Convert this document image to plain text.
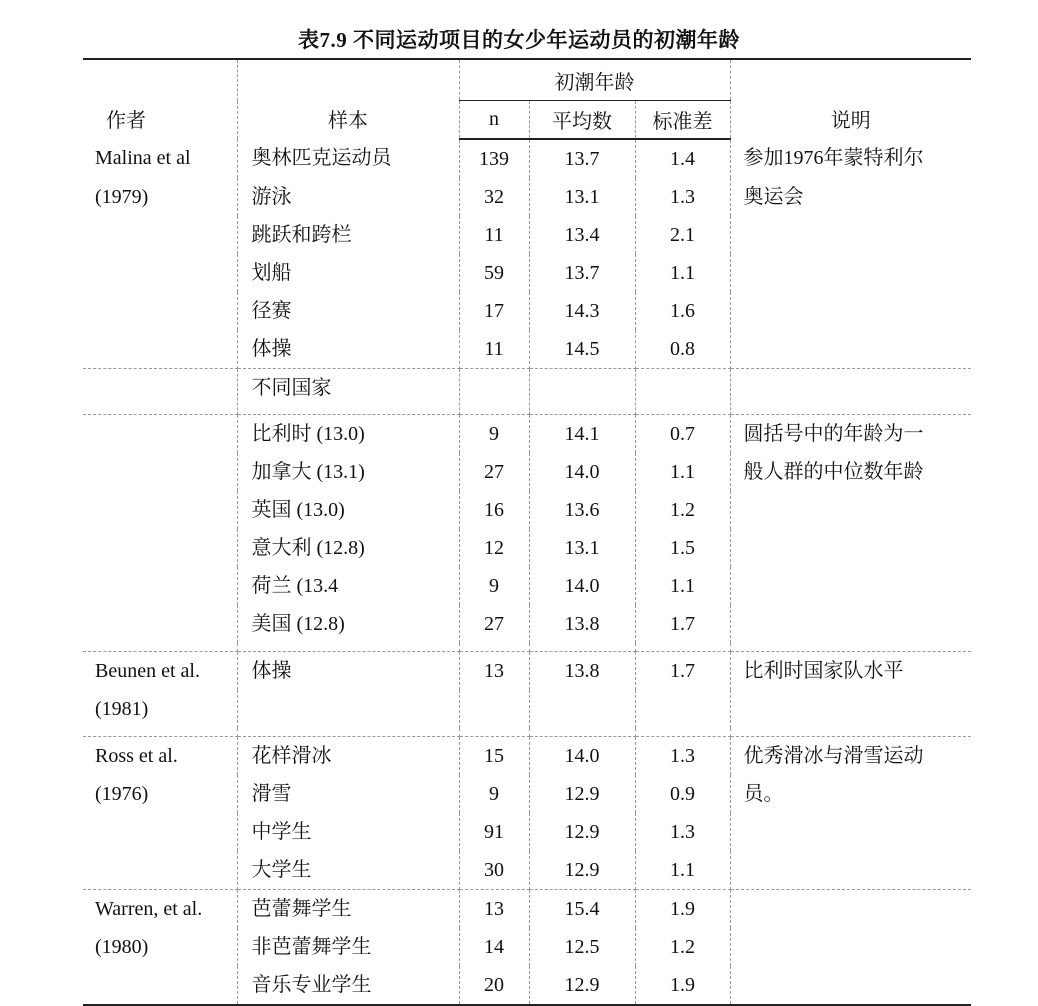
表7.9 不同运动项目的女少年运动员的初潮年龄
作者	样本	初潮年龄			说明
		n	平均数	标准差	
Malina et al	奥林匹克运动员	139	13.7	1.4	参加1976年蒙特利尔
(1979)	游泳	32	13.1	1.3	奥运会
	跳跃和跨栏	11	13.4	2.1	
	划船	59	13.7	1.1	
	径赛	17	14.3	1.6	
	体操	11	14.5	0.8	
	不同国家				
	比利时 (13.0)	9	14.1	0.7	圆括号中的年龄为一
	加拿大 (13.1)	27	14.0	1.1	般人群的中位数年龄
	英国 (13.0)	16	13.6	1.2	
	意大利 (12.8)	12	13.1	1.5	
	荷兰 (13.4	9	14.0	1.1	
	美国 (12.8)	27	13.8	1.7	

Beunen et al.	体操	13	13.8	1.7	比利时国家队水平
(1981)					

Ross et al.	花样滑冰	15	14.0	1.3	优秀滑冰与滑雪运动
(1976)	滑雪	9	12.9	0.9	员。
	中学生	91	12.9	1.3	
	大学生	30	12.9	1.1	
Warren, et al.	芭蕾舞学生	13	15.4	1.9	
(1980)	非芭蕾舞学生	14	12.5	1.2	
	音乐专业学生	20	12.9	1.9	
